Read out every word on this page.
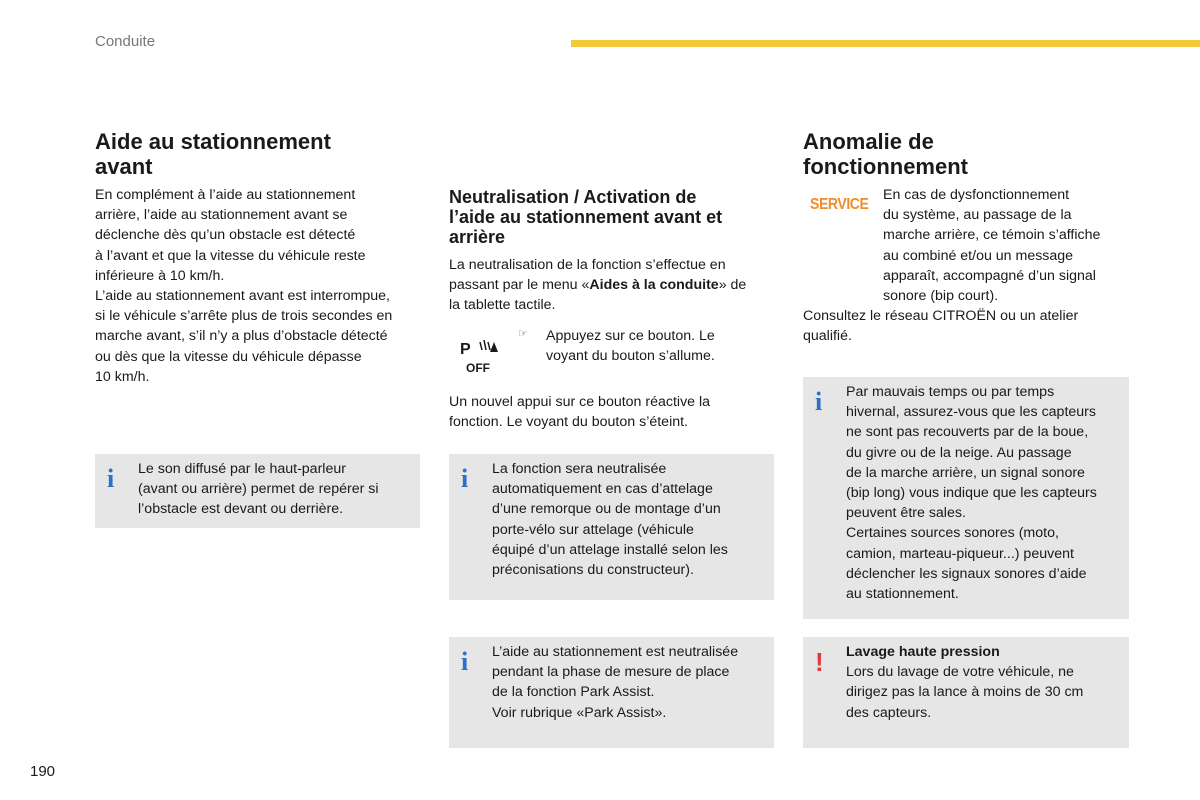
Conduite
Aide au stationnement
avant

En complément à l’aide au stationnement
arrière, l’aide au stationnement avant se
déclenche dès qu’un obstacle est détecté
à l’avant et que la vitesse du véhicule reste
inférieure à 10 km/h.
L’aide au stationnement avant est interrompue,
si le véhicule s’arrête plus de trois secondes en
marche avant, s’il n’y a plus d’obstacle détecté
ou dès que la vitesse du véhicule dépasse
10 km/h.

i Le son diffusé par le haut-parleur
(avant ou arrière) permet de repérer si
l’obstacle est devant ou derrière.

Neutralisation / Activation de
l’aide au stationnement avant et
arrière

La neutralisation de la fonction s’effectue en
passant par le menu «Aides à la conduite» de
la tablette tactile.

P
OFF
☞ Appuyez sur ce bouton. Le
voyant du bouton s’allume.

Un nouvel appui sur ce bouton réactive la
fonction. Le voyant du bouton s’éteint.

i La fonction sera neutralisée
automatiquement en cas d’attelage
d’une remorque ou de montage d’un
porte-vélo sur attelage (véhicule
équipé d’un attelage installé selon les
préconisations du constructeur).

i L’aide au stationnement est neutralisée
pendant la phase de mesure de place
de la fonction Park Assist.
Voir rubrique «Park Assist».

Anomalie de
fonctionnement
SERVICE

En cas de dysfonctionnement
du système, au passage de la
marche arrière, ce témoin s’affiche
au combiné et/ou un message
apparaît, accompagné d’un signal
sonore (bip court).

Consultez le réseau CITROËN ou un atelier
qualifié.

i Par mauvais temps ou par temps
hivernal, assurez-vous que les capteurs
ne sont pas recouverts par de la boue,
du givre ou de la neige. Au passage
de la marche arrière, un signal sonore
(bip long) vous indique que les capteurs
peuvent être sales.
Certaines sources sonores (moto,
camion, marteau-piqueur...) peuvent
déclencher les signaux sonores d’aide
au stationnement.

! Lavage haute pression
Lors du lavage de votre véhicule, ne
dirigez pas la lance à moins de 30 cm
des capteurs.

190
